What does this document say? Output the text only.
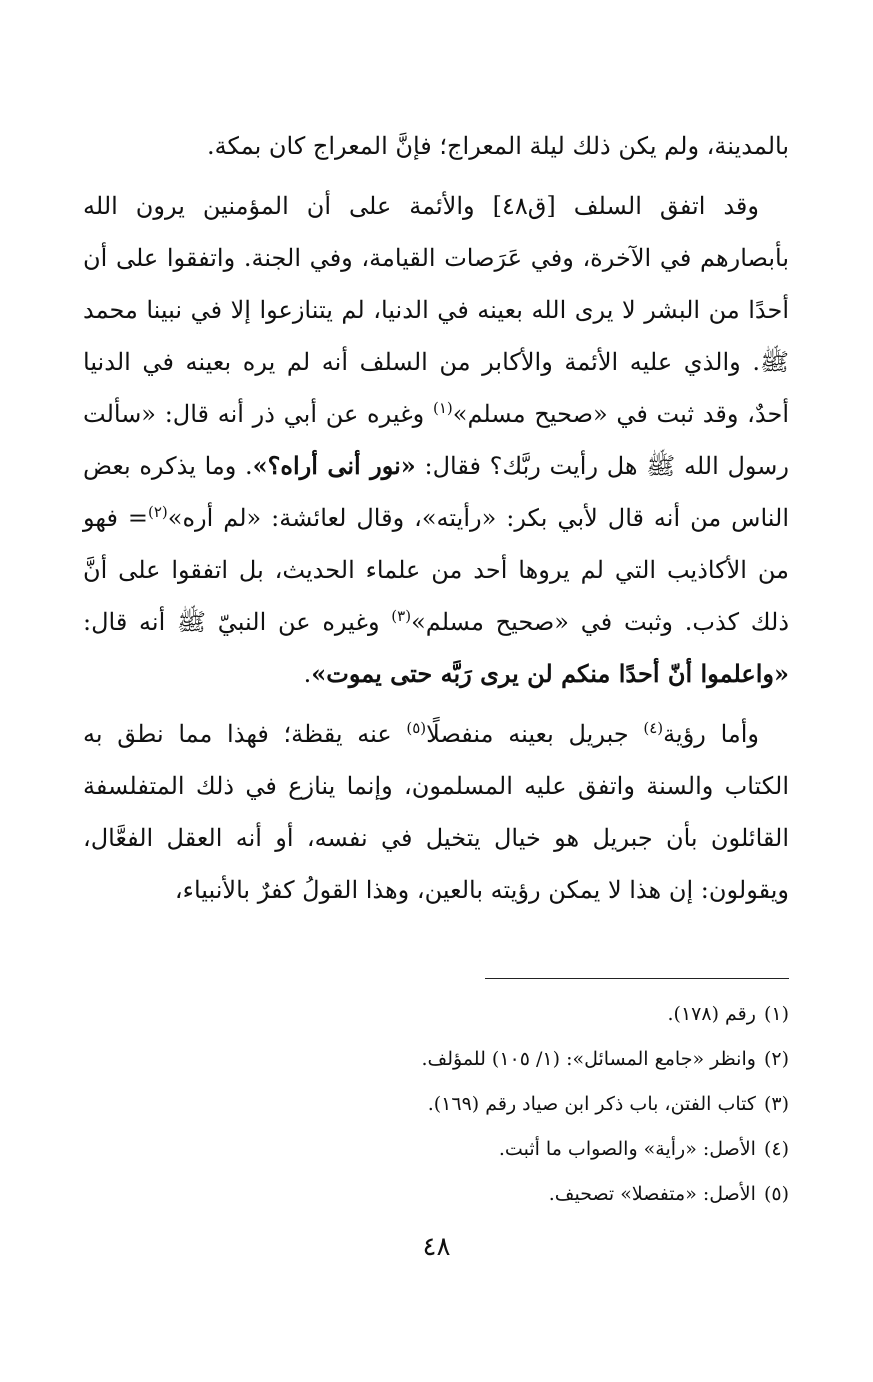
بالمدينة، ولم يكن ذلك ليلة المعراج؛ فإنَّ المعراج كان بمكة.

وقد اتفق السلف [ق٤٨] والأئمة على أن المؤمنين يرون الله بأبصارهم في الآخرة، وفي عَرَصات القيامة، وفي الجنة. واتفقوا على أن أحدًا من البشر لا يرى الله بعينه في الدنيا، لم يتنازعوا إلا في نبينا محمد ﷺ. والذي عليه الأئمة والأكابر من السلف أنه لم يره بعينه في الدنيا أحدٌ، وقد ثبت في «صحيح مسلم»$^{(١)}$ وغيره عن أبي ذر أنه قال: «سألت رسول الله ﷺ هل رأيت ربَّك؟ فقال: «نور أنى أراه؟». وما يذكره بعض الناس من أنه قال لأبي بكر: «رأيته»، وقال لعائشة: «لم أره»$^{(٢)}$= فهو من الأكاذيب التي لم يروها أحد من علماء الحديث، بل اتفقوا على أنَّ ذلك كذب. وثبت في «صحيح مسلم»$^{(٣)}$ وغيره عن النبيّ ﷺ أنه قال: «واعلموا أنّ أحدًا منكم لن يرى رَبَّه حتى يموت».

وأما رؤية$^{(٤)}$ جبريل بعينه منفصلًا$^{(٥)}$ عنه يقظة؛ فهذا مما نطق به الكتاب والسنة واتفق عليه المسلمون، وإنما ينازع في ذلك المتفلسفة القائلون بأن جبريل هو خيال يتخيل في نفسه، أو أنه العقل الفعَّال، ويقولون: إن هذا لا يمكن رؤيته بالعين، وهذا القولُ كفرٌ بالأنبياء،

(١)رقم (١٧٨).
(٢)وانظر «جامع المسائل»: (١/ ١٠٥) للمؤلف.
(٣)كتاب الفتن، باب ذكر ابن صياد رقم (١٦٩).
(٤)الأصل: «رأية» والصواب ما أثبت.
(٥)الأصل: «متفصلا» تصحيف.
٤٨
